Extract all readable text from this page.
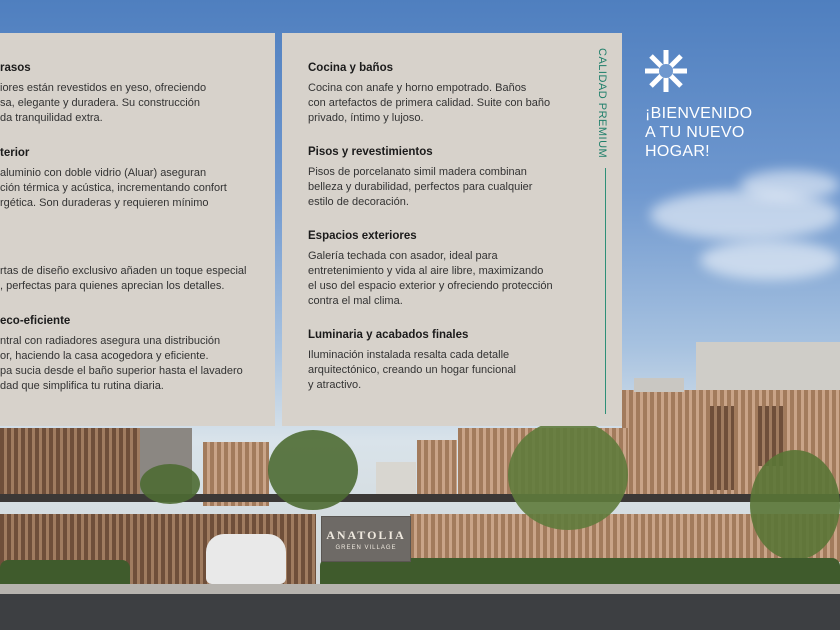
ANATOLIA
GREEN VILLAGE
rasos
iores están revestidos en yeso, ofreciendo
sa, elegante y duradera. Su construcción
da tranquilidad extra.
terior
aluminio con doble vidrio (Aluar) aseguran
ción térmica y acústica, incrementando confort
rgética. Son duraderas y requieren mínimo
rtas de diseño exclusivo añaden un toque especial
, perfectas para quienes aprecian los detalles.
eco-eficiente
ntral con radiadores asegura una distribución
or, haciendo la casa acogedora y eficiente.
pa sucia desde el baño superior hasta el lavadero
dad que simplifica tu rutina diaria.
Cocina y baños
Cocina con anafe y horno empotrado. Baños
con artefactos de primera calidad. Suite con baño
privado, íntimo y lujoso.
Pisos y revestimientos
Pisos de porcelanato simil madera combinan
belleza y durabilidad, perfectos para cualquier
estilo de decoración.
Espacios exteriores
Galería techada con asador, ideal para
entretenimiento y vida al aire libre, maximizando
el uso del espacio exterior y ofreciendo protección
contra el mal clima.
Luminaria y acabados finales
Iluminación instalada resalta cada detalle
arquitectónico, creando un hogar funcional
y atractivo.
CALIDAD PREMIUM ¡BIENVENIDO
A TU NUEVO
HOGAR!
